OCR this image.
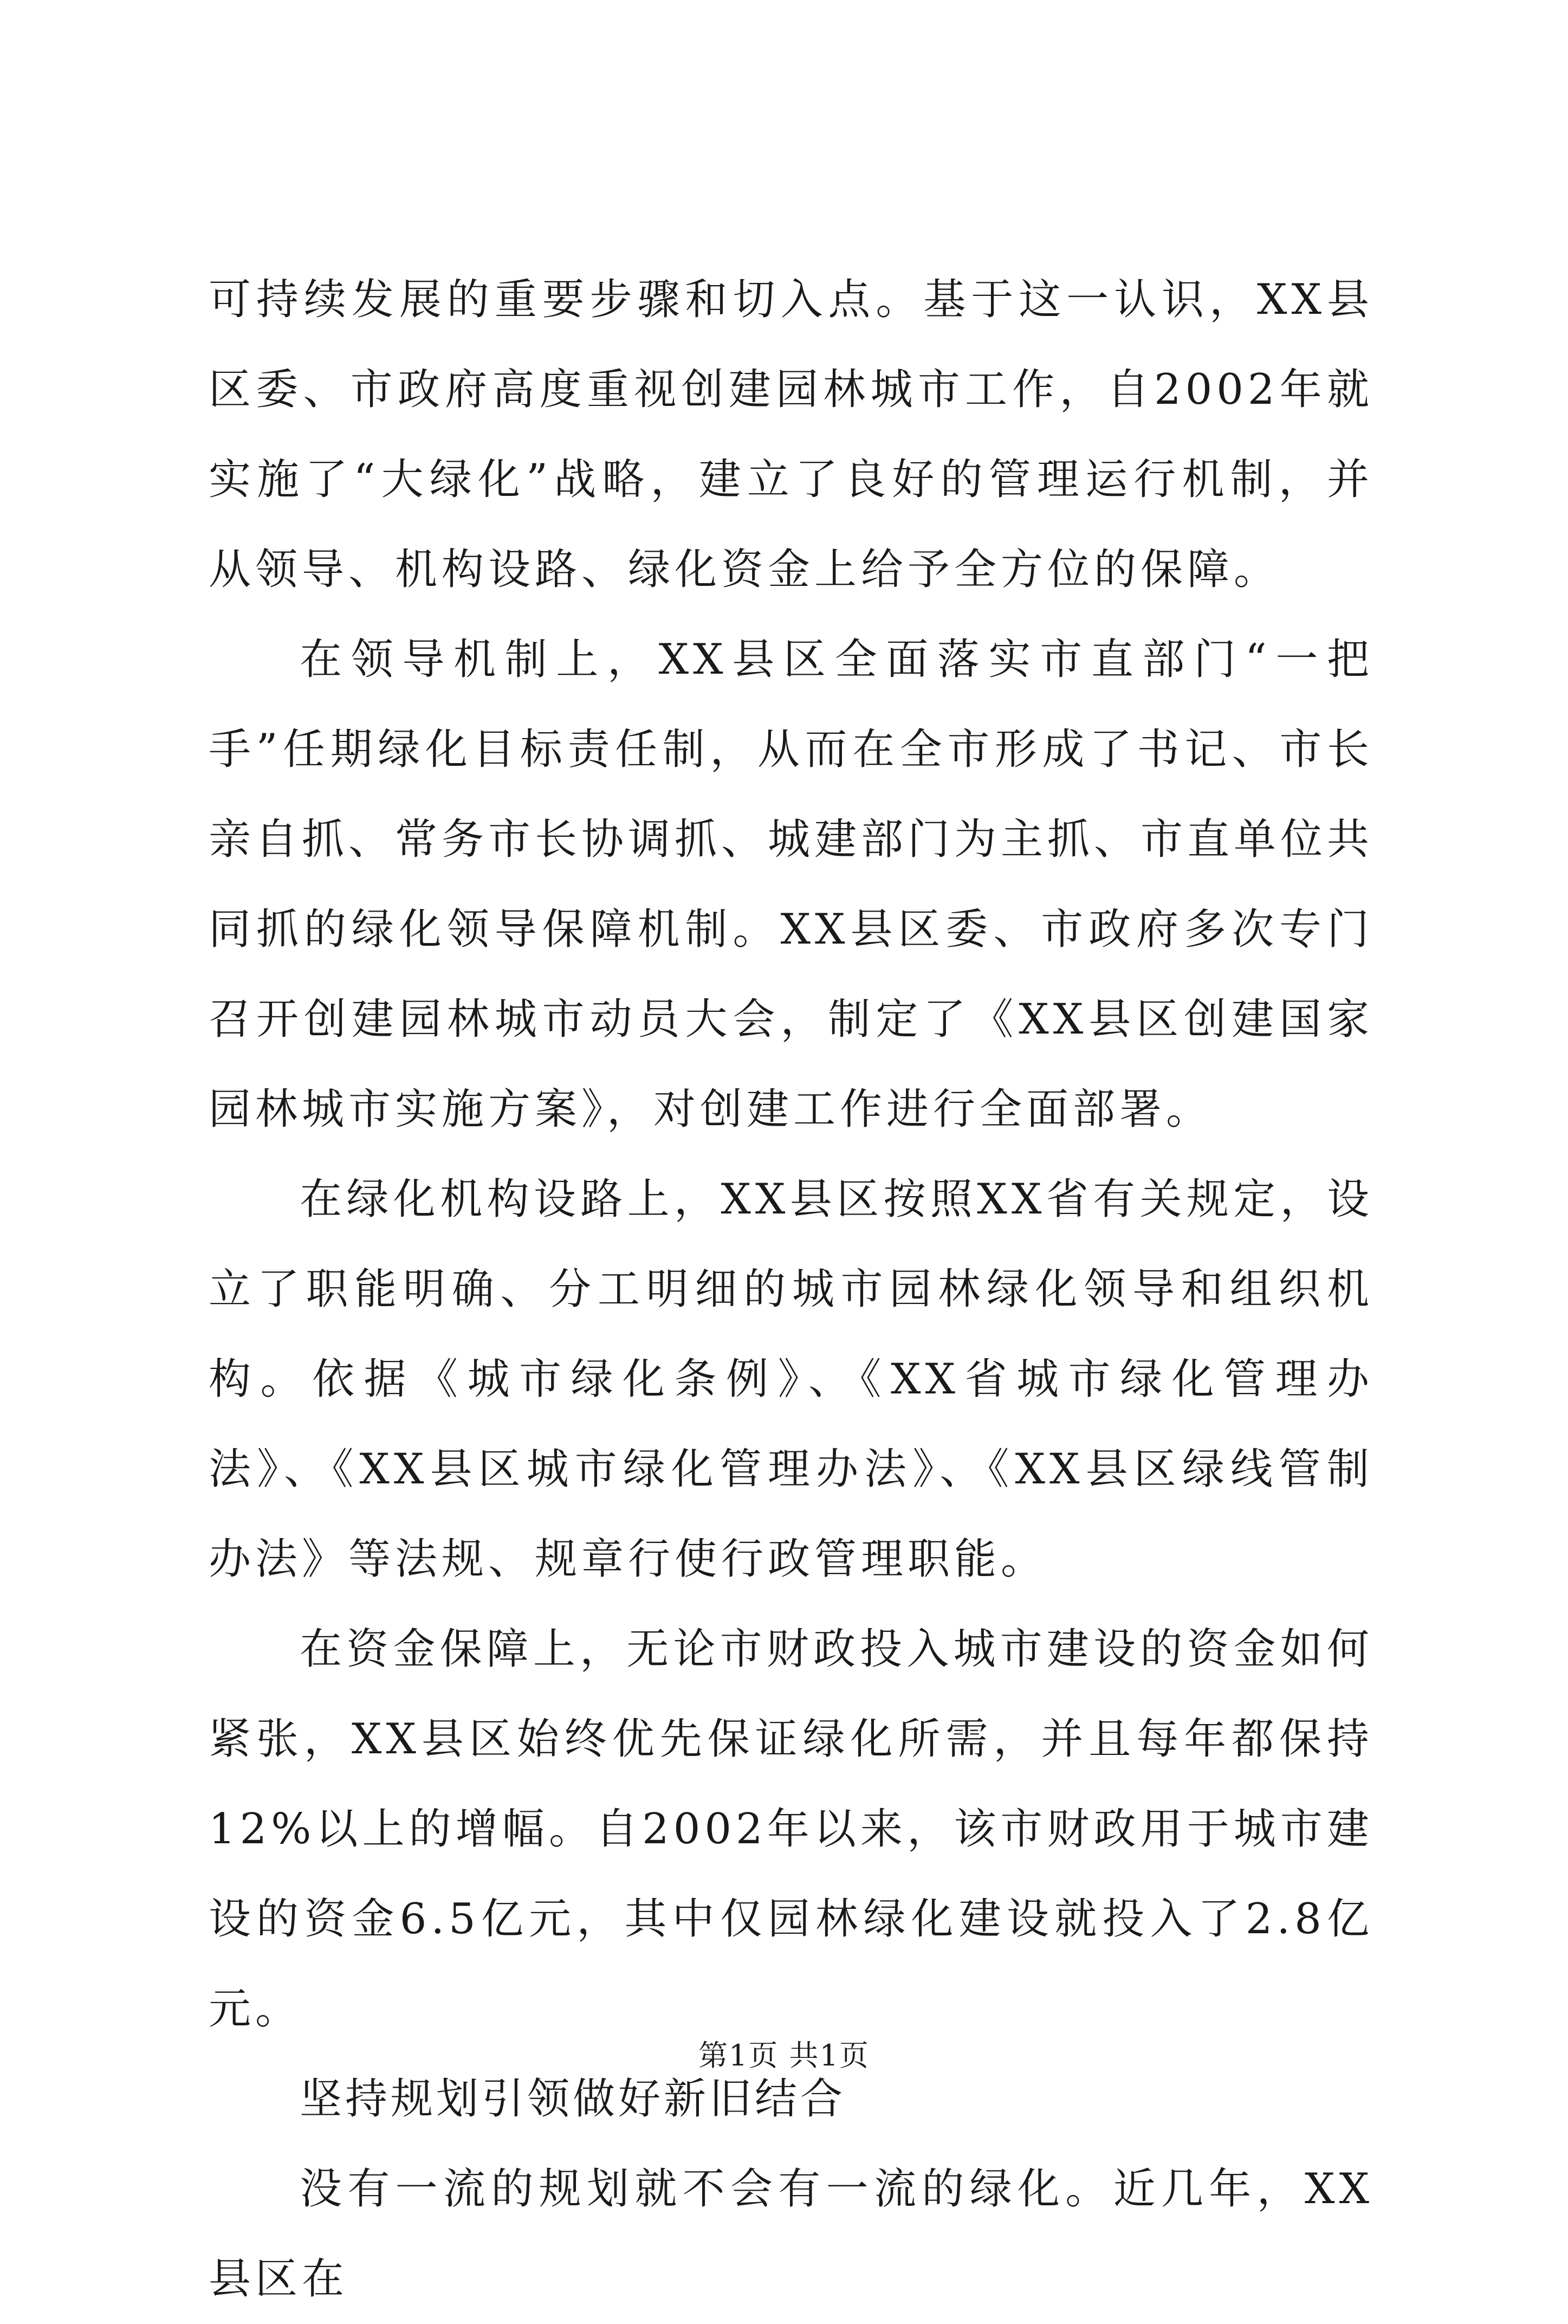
可持续发展的重要步骤和切入点。基于这一认识，XX县区委、市政府高度重视创建园林城市工作，自2002年就实施了“大绿化”战略，建立了良好的管理运行机制，并从领导、机构设路、绿化资金上给予全方位的保障。

在领导机制上，XX县区全面落实市直部门“一把手”任期绿化目标责任制，从而在全市形成了书记、市长亲自抓、常务市长协调抓、城建部门为主抓、市直单位共同抓的绿化领导保障机制。XX县区委、市政府多次专门召开创建园林城市动员大会，制定了《XX县区创建国家园林城市实施方案》，对创建工作进行全面部署。

在绿化机构设路上，XX县区按照XX省有关规定，设立了职能明确、分工明细的城市园林绿化领导和组织机构。依据《城市绿化条例》、《XX省城市绿化管理办法》、《XX县区城市绿化管理办法》、《XX县区绿线管制办法》等法规、规章行使行政管理职能。

在资金保障上，无论市财政投入城市建设的资金如何紧张，XX县区始终优先保证绿化所需，并且每年都保持12%以上的增幅。自2002年以来，该市财政用于城市建设的资金6.5亿元，其中仅园林绿化建设就投入了2.8亿元。

坚持规划引领做好新旧结合

没有一流的规划就不会有一流的绿化。近几年，XX县区在

第1页 共1页
